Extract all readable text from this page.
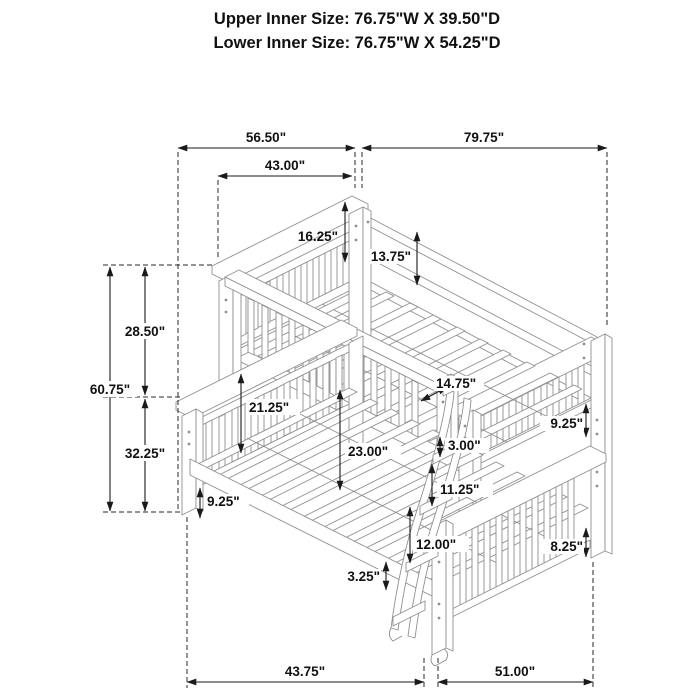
56.50"	79.75"
43.00"
16.25"
13.75"
28.50"
60.75"
32.25"
21.25"
14.75"
23.00"	3.00"
11.25"
9.25"
12.00"
3.25"
9.25"
8.25"
43.75"	51.00"
Upper Inner Size: 76.75"W X 39.50"D
Lower Inner Size: 76.75"W X 54.25"D
